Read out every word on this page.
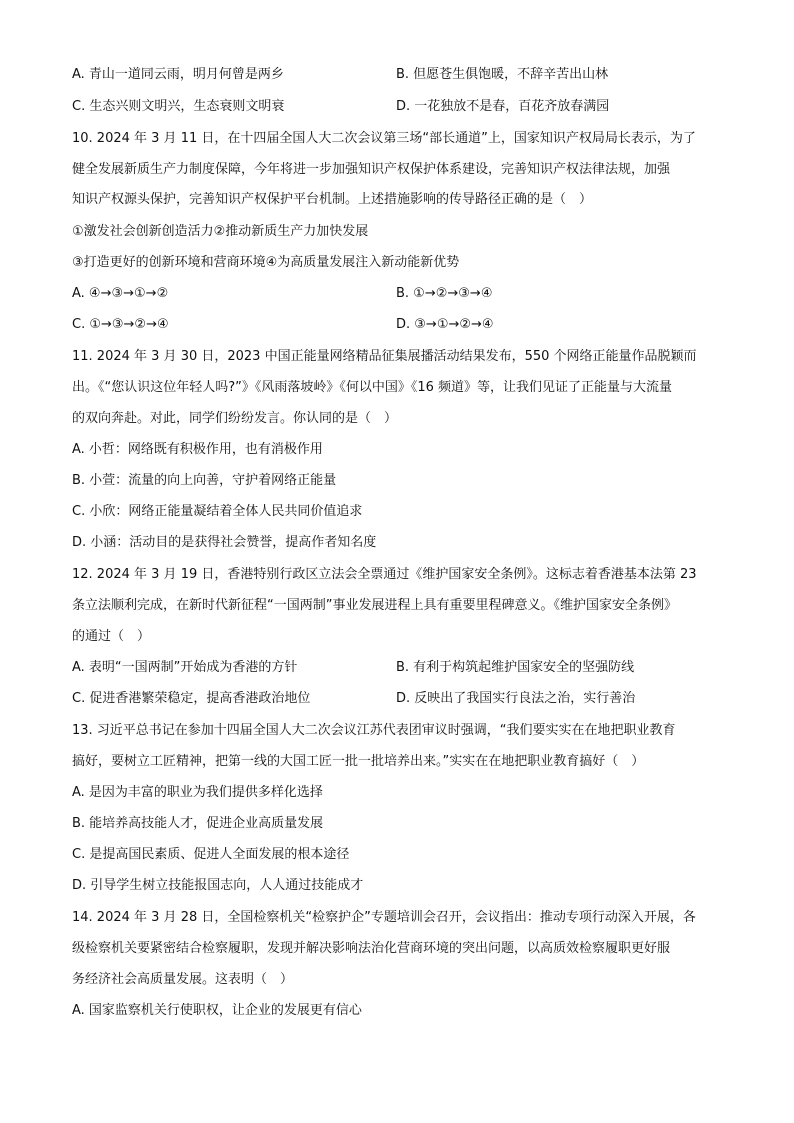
A. 青山一道同云雨，明月何曾是两乡	B. 但愿苍生俱饱暖，不辞辛苦出山林
C. 生态兴则文明兴，生态衰则文明衰	D. 一花独放不是春，百花齐放春满园
10. 2024 年 3 月 11 日，在十四届全国人大二次会议第三场“部长通道”上，国家知识产权局局长表示，为了
健全发展新质生产力制度保障，今年将进一步加强知识产权保护体系建设，完善知识产权法律法规，加强
知识产权源头保护，完善知识产权保护平台机制。上述措施影响的传导路径正确的是（　）
①激发社会创新创造活力②推动新质生产力加快发展
③打造更好的创新环境和营商环境④为高质量发展注入新动能新优势
A. ④→③→①→②	B. ①→②→③→④
C. ①→③→②→④	D. ③→①→②→④
11. 2024 年 3 月 30 日，2023 中国正能量网络精品征集展播活动结果发布，550 个网络正能量作品脱颖而
出。《“您认识这位年轻人吗?”》《风雨落坡岭》《何以中国》《16 频道》等，让我们见证了正能量与大流量
的双向奔赴。对此，同学们纷纷发言。你认同的是（　）
A. 小哲：网络既有积极作用，也有消极作用
B. 小萱：流量的向上向善，守护着网络正能量
C. 小欣：网络正能量凝结着全体人民共同价值追求
D. 小涵：活动目的是获得社会赞誉，提高作者知名度
12. 2024 年 3 月 19 日，香港特别行政区立法会全票通过《维护国家安全条例》。这标志着香港基本法第 23
条立法顺利完成，在新时代新征程“一国两制”事业发展进程上具有重要里程碑意义。《维护国家安全条例》
的通过（　）
A. 表明“一国两制”开始成为香港的方针	B. 有利于构筑起维护国家安全的坚强防线
C. 促进香港繁荣稳定，提高香港政治地位	D. 反映出了我国实行良法之治，实行善治
13. 习近平总书记在参加十四届全国人大二次会议江苏代表团审议时强调，“我们要实实在在地把职业教育
搞好，要树立工匠精神，把第一线的大国工匠一批一批培养出来。”实实在在地把职业教育搞好（　）
A. 是因为丰富的职业为我们提供多样化选择
B. 能培养高技能人才，促进企业高质量发展
C. 是提高国民素质、促进人全面发展的根本途径
D. 引导学生树立技能报国志向，人人通过技能成才
14. 2024 年 3 月 28 日，全国检察机关“检察护企”专题培训会召开，会议指出：推动专项行动深入开展，各
级检察机关要紧密结合检察履职，发现并解决影响法治化营商环境的突出问题，以高质效检察履职更好服
务经济社会高质量发展。这表明（　）
A. 国家监察机关行使职权，让企业的发展更有信心
